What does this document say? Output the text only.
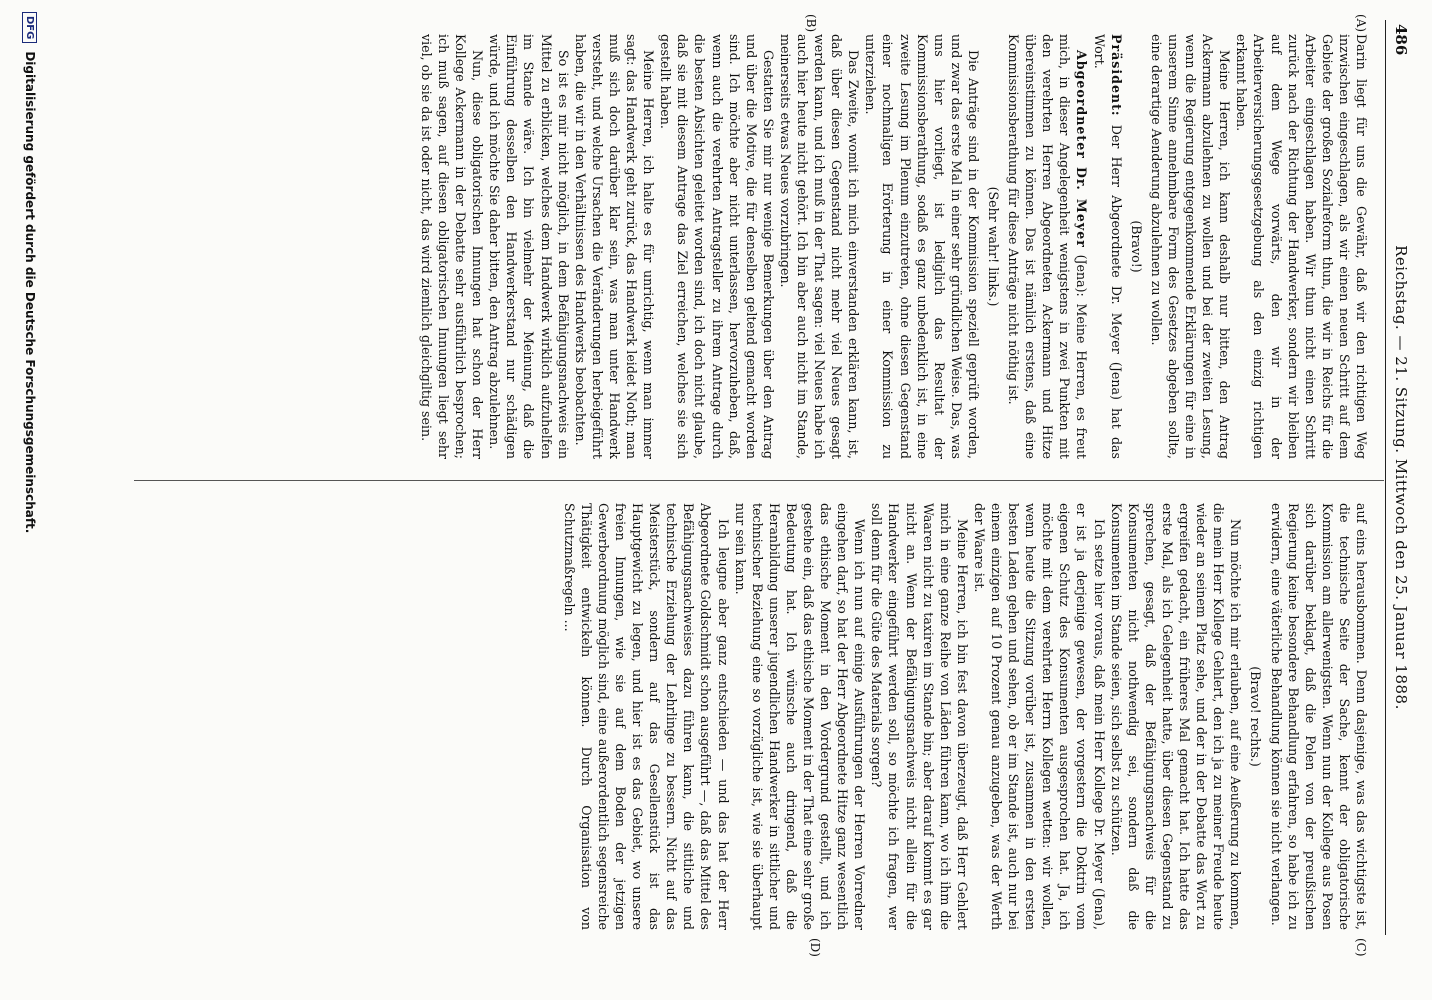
486
Reichstag. — 21. Sitzung. Mittwoch den 25. Januar 1888.
(A)
(B)
(C)
(D)

Darin liegt für uns die Gewähr, daß wir den richtigen Weg inzwischen eingeschlagen, als wir einen neuen Schritt auf dem Gebiete der großen Sozialreform thun, die wir in Reichs für die Arbeiter eingeschlagen haben. Wir thun nicht einen Schritt zurück nach der Richtung der Handwerker, sondern wir bleiben auf dem Wege vorwärts, den wir in der Arbeiterversicherungsgesetzgebung als den einzig richtigen erkannt haben.

Meine Herren, ich kann deshalb nur bitten, den Antrag Ackermann abzulehnen zu wollen und bei der zweiten Lesung, wenn die Regierung entgegenkommende Erklärungen für eine in unserem Sinne annehmbare Form des Gesetzes abgeben sollte, eine derartige Aenderung abzulehnen zu wollen.

(Bravo!)

Präsident: Der Herr Abgeordnete Dr. Meyer (Jena) hat das Wort.

Abgeordneter Dr. Meyer (Jena): Meine Herren, es freut mich, in dieser Angelegenheit wenigstens in zwei Punkten mit den verehrten Herren Abgeordneten Ackermann und Hitze übereinstimmen zu können. Das ist nämlich erstens, daß eine Kommissionsberathung für diese Anträge nicht nöthig ist.

(Sehr wahr! links.)

Die Anträge sind in der Kommission speziell geprüft worden, und zwar das erste Mal in einer sehr gründlichen Weise. Das, was uns hier vorliegt, ist lediglich das Resultat der Kommissionsberathung, sodaß es ganz unbedenklich ist, in eine zweite Lesung im Plenum einzutreten, ohne diesen Gegenstand einer nochmaligen Erörterung in einer Kommission zu unterziehen.

Das Zweite, womit ich mich einverstanden erklären kann, ist, daß über diesen Gegenstand nicht mehr viel Neues gesagt werden kann, und ich muß in der That sagen: viel Neues habe ich auch hier heute nicht gehört. Ich bin aber auch nicht im Stande, meinerseits etwas Neues vorzubringen.

Gestatten Sie mir nur wenige Bemerkungen über den Antrag und über die Motive, die für denselben geltend gemacht worden sind. Ich möchte aber nicht unterlassen, hervorzuheben, daß, wenn auch die verehrten Antragsteller zu ihrem Antrage durch die besten Absichten geleitet worden sind, ich doch nicht glaube, daß sie mit diesem Antrage das Ziel erreichen, welches sie sich gestellt haben.

Meine Herren, ich halte es für unrichtig, wenn man immer sagt: das Handwerk geht zurück, das Handwerk leidet Noth; man muß sich doch darüber klar sein, was man unter Handwerk versteht, und welche Ursachen die Veränderungen herbeigeführt haben, die wir in den Verhältnissen des Handwerks beobachten.

So ist es mir nicht möglich, in dem Befähigungsnachweis ein Mittel zu erblicken, welches dem Handwerk wirklich aufzuhelfen im Stande wäre. Ich bin vielmehr der Meinung, daß die Einführung desselben den Handwerkerstand nur schädigen würde, und ich möchte Sie daher bitten, den Antrag abzulehnen.

Nun, diese obligatorischen Innungen hat schon der Herr Kollege Ackermann in der Debatte sehr ausführlich besprochen; ich muß sagen, auf diesen obligatorischen Innungen liegt sehr viel, ob sie da ist oder nicht, das wird ziemlich gleichgiltig sein.

auf eins herausbommen. Denn dasjenige, was das wichtigste ist, die technische Seite der Sache, kennt der obligatorische Kommission am allerwenigsten. Wenn nun der Kollege aus Posen sich darüber beklagt, daß die Polen von der preußischen Regierung keine besondere Behandlung erfahren, so habe ich zu erwidern, eine väterliche Behandlung können sie nicht verlangen.

(Bravo! rechts.)

Nun möchte ich mir erlauben, auf eine Aeußerung zu kommen, die mein Herr Kollege Gehlert, den ich ja zu meiner Freude heute wieder an seinem Platz sehe, und der in der Debatte das Wort zu ergreifen gedacht, ein früheres Mal gemacht hat. Ich hatte das erste Mal, als ich Gelegenheit hatte, über diesen Gegenstand zu sprechen, gesagt, daß der Befähigungsnachweis für die Konsumenten nicht nothwendig sei, sondern daß die Konsumenten im Stande seien, sich selbst zu schützen.

Ich setze hier voraus, daß mein Herr Kollege Dr. Meyer (Jena), er ist ja derjenige gewesen, der vorgestern die Doktrin vom eigenen Schutz des Konsumenten ausgesprochen hat. Ja, ich möchte mit dem verehrten Herrn Kollegen wetten: wir wollen, wenn heute die Sitzung vorüber ist, zusammen in den ersten besten Laden gehen und sehen, ob er im Stande ist, auch nur bei einem einzigen auf 10 Prozent genau anzugeben, was der Werth der Waare ist.

Meine Herren, ich bin fest davon überzeugt, daß Herr Gehlert mich in eine ganze Reihe von Läden führen kann, wo ich ihm die Waaren nicht zu taxiren im Stande bin; aber darauf kommt es gar nicht an. Wenn der Befähigungsnachweis nicht allein für die Handwerker eingeführt werden soll, so möchte ich fragen, wer soll denn für die Güte des Materials sorgen?

Wenn ich nun auf einige Ausführungen der Herren Vorredner eingehen darf, so hat der Herr Abgeordnete Hitze ganz wesentlich das ethische Moment in den Vordergrund gestellt, und ich gestehe ein, daß das ethische Moment in der That eine sehr große Bedeutung hat. Ich wünsche auch dringend, daß die Heranbildung unserer jugendlichen Handwerker in sittlicher und technischer Beziehung eine so vorzügliche ist, wie sie überhaupt nur sein kann.

Ich leugne aber ganz entschieden — und das hat der Herr Abgeordnete Goldschmidt schon ausgeführt —, daß das Mittel des Befähigungsnachweises dazu führen kann, die sittliche und technische Erziehung der Lehrlinge zu bessern. Nicht auf das Meisterstück, sondern auf das Gesellenstück ist das Hauptgewicht zu legen, und hier ist es das Gebiet, wo unsere freien Innungen, wie sie auf dem Boden der jetzigen Gewerbeordnung möglich sind, eine außerordentlich segensreiche Thätigkeit entwickeln können. Durch Organisation von Schutzmaßregeln ...

DFG
Digitalisierung gefördert durch die Deutsche Forschungsgemeinschaft.
